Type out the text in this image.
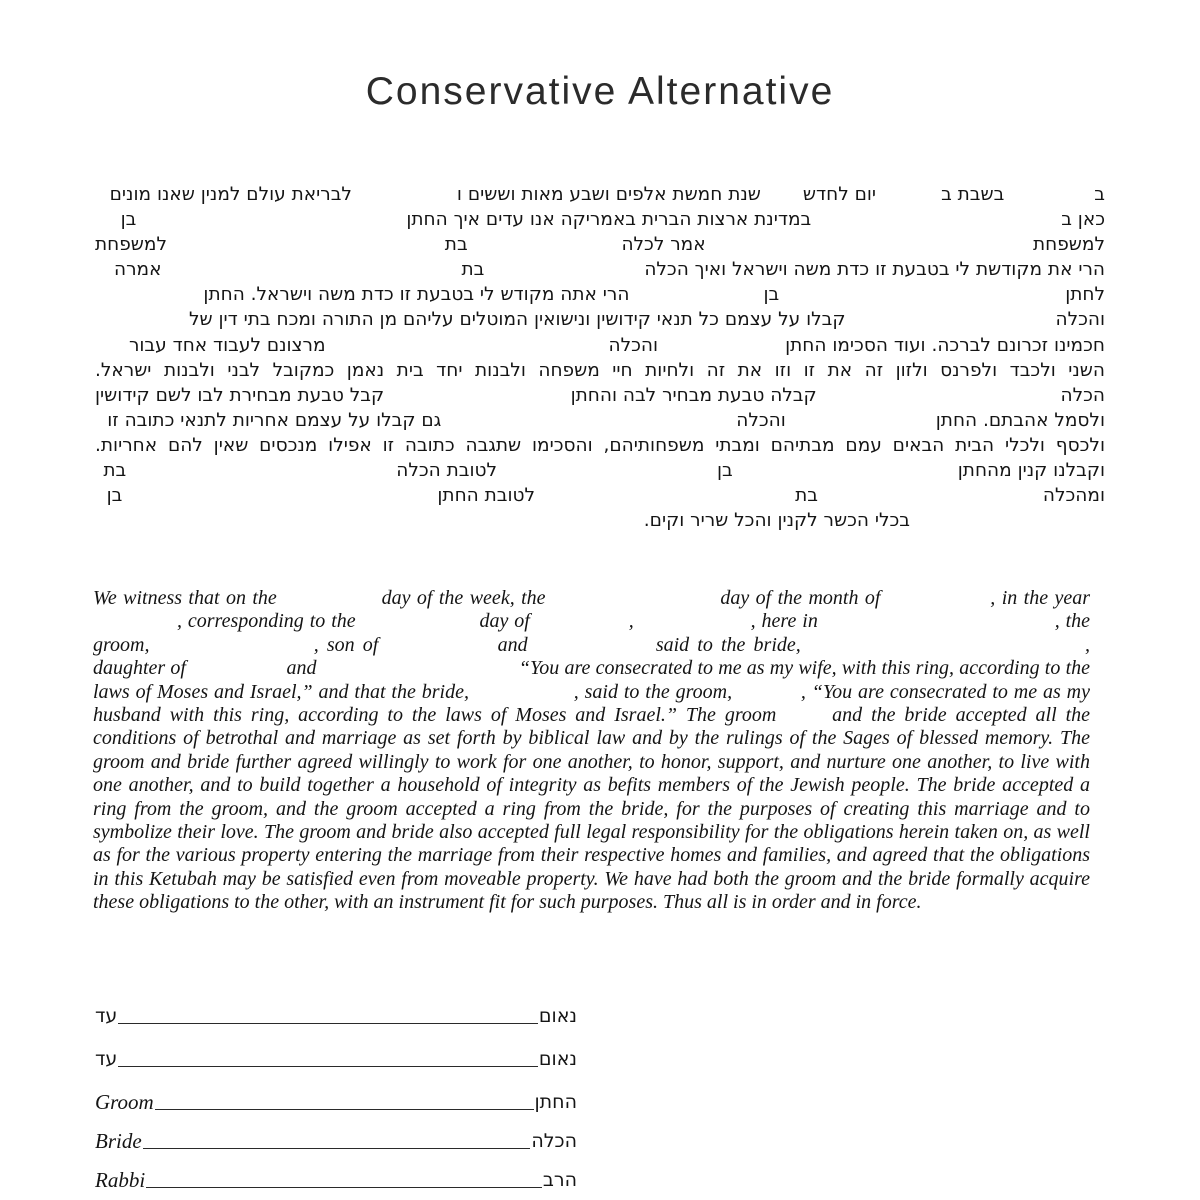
Conservative Alternative
ב
בשבת ב
יום לחדש
שנת חמשת אלפים ושבע מאות וששים ו
לבריאת עולם למנין שאנו מונים
כאן ב
במדינת ארצות הברית באמריקה אנו עדים איך החתן
בן
למשפחת
אמר לכלה
בת
למשפחת
הרי את מקודשת לי בטבעת זו כדת משה וישראל ואיך הכלה
בת
אמרה
לחתן
בן
הרי אתה מקודש לי בטבעת זו כדת משה וישראל. החתן
והכלה
קבלו על עצמם כל תנאי קידושין ונישואין המוטלים עליהם מן התורה ומכח בתי דין של
חכמינו זכרונם לברכה. ועוד הסכימו החתן
והכלה
מרצונם לעבוד אחד עבור
השני ולכבד ולפרנס ולזון זה את זו וזו את זה ולחיות חיי משפחה ולבנות יחד בית נאמן כמקובל לבני ולבנות ישראל.
הכלה
קבלה טבעת מבחיר לבה והחתן
קבל טבעת מבחירת לבו לשם קידושין
ולסמל אהבתם. החתן
והכלה
גם קבלו על עצמם אחריות לתנאי כתובה זו
ולכסף ולכלי הבית הבאים עמם מבתיהם ומבתי משפחותיהם, והסכימו שתגבה כתובה זו אפילו מנכסים שאין להם אחריות.
וקבלנו קנין מהחתן
בן
לטובת הכלה
בת
ומהכלה
בת
לטובת החתן
בן
בכלי הכשר לקנין והכל שריר וקים.
We witness that on the	day of the week, the	day of the month of	, in the year  , corresponding to the	day of	,	, here in	, the groom,	, son of	and	said to the bride,	, daughter of	and	“You are consecrated to me as my wife, with this ring, according to the laws of Moses and Israel,” and that the bride,	, said to the groom,	, “You are consecrated to me as my husband with this ring, according to the laws of Moses and Israel.” The groom  and the bride accepted all the conditions of betrothal and marriage as set forth by biblical law and by the rulings of the Sages of blessed memory. The groom and bride further agreed willingly to work for one another, to honor, support, and nurture one another, to live with one another, and to build together a household of integrity as befits members of the Jewish people. The bride accepted a ring from the groom, and the groom accepted a ring from the bride, for the purposes of creating this marriage and to symbolize their love. The groom and bride also accepted full legal responsibility for the obligations herein taken on, as well as for the various property entering the marriage from their respective homes and families, and agreed that the obligations in this Ketubah may be satisfied even from moveable property. We have had both the groom and the bride formally acquire these obligations to the other, with an instrument fit for such purposes. Thus all is in order and in force.
עד	נאום
עד	נאום
Groom	החתן
Bride	הכלה
Rabbi	הרב
